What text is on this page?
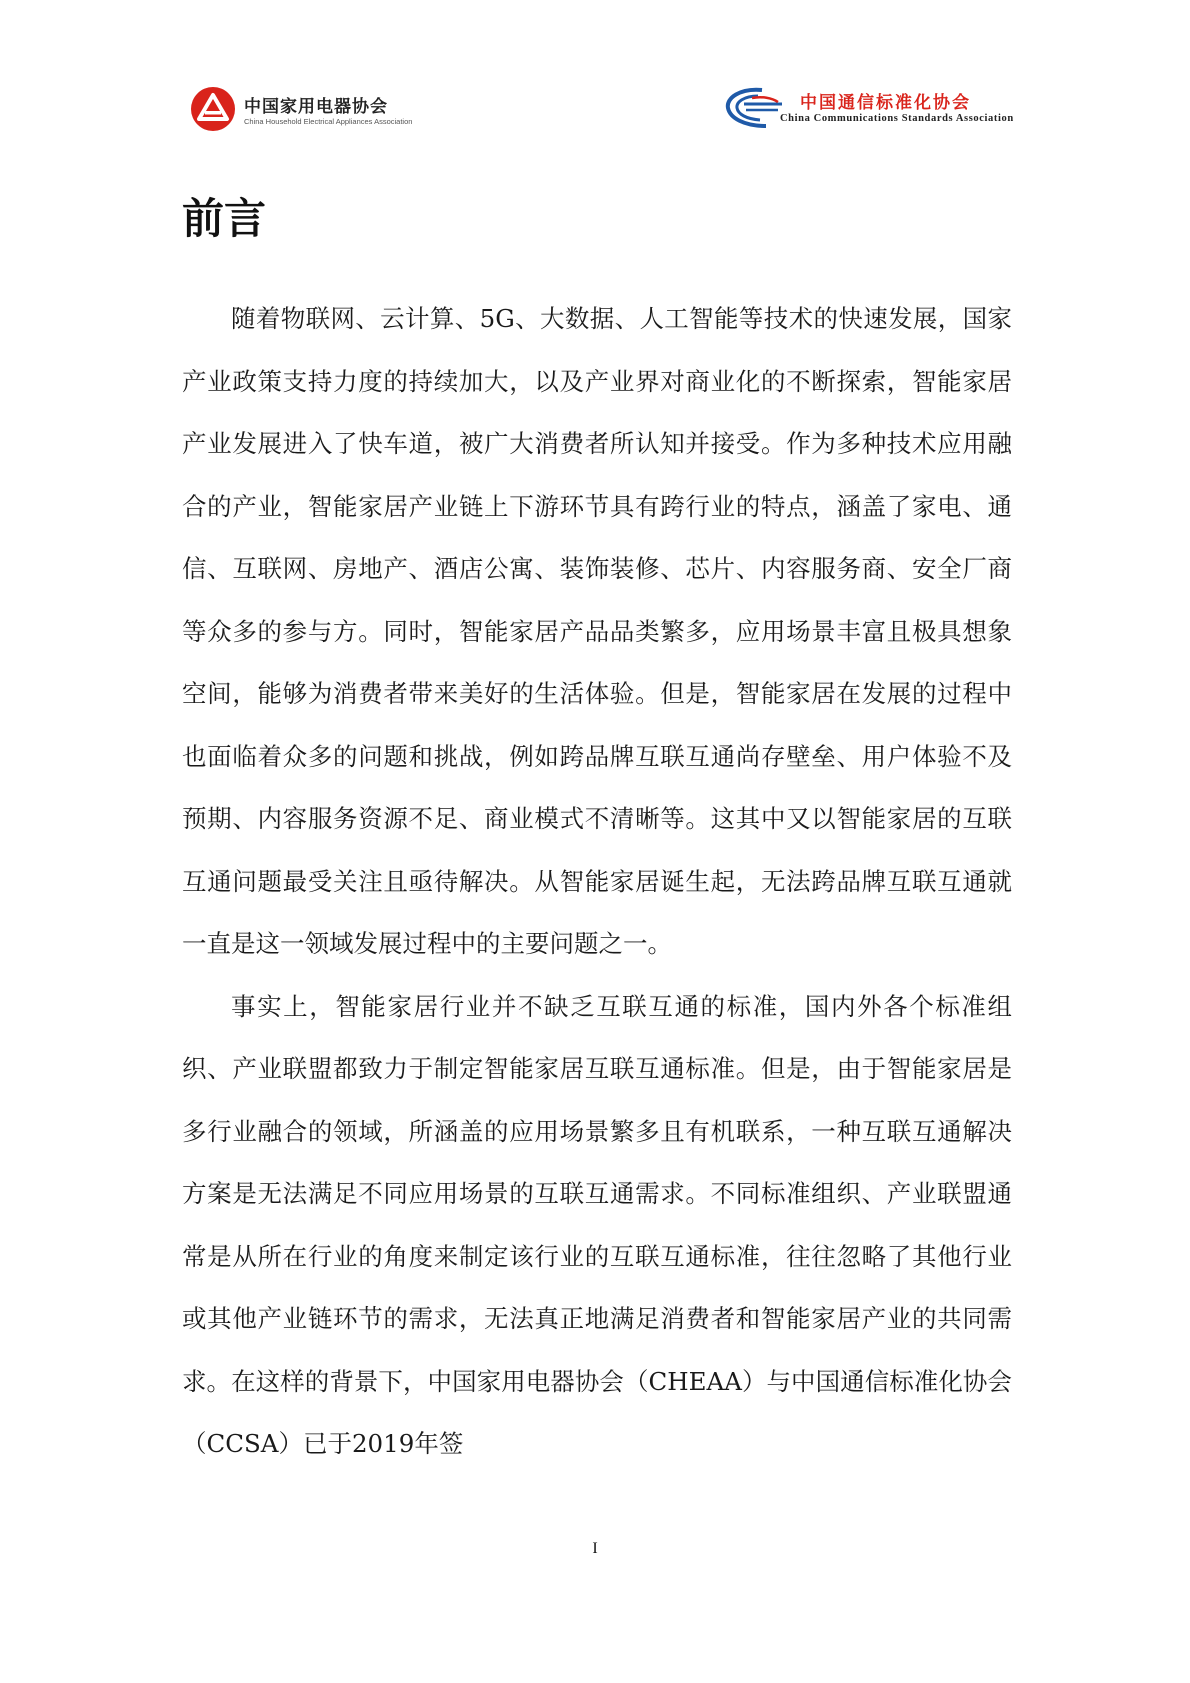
中国家用电器协会
China Household Electrical Appliances Association
中国通信标准化协会
China Communications Standards Association
前言

随着物联网、云计算、5G、大数据、人工智能等技术的快速发展，国家产业政策支持力度的持续加大，以及产业界对商业化的不断探索，智能家居产业发展进入了快车道，被广大消费者所认知并接受。作为多种技术应用融合的产业，智能家居产业链上下游环节具有跨行业的特点，涵盖了家电、通信、互联网、房地产、酒店公寓、装饰装修、芯片、内容服务商、安全厂商等众多的参与方。同时，智能家居产品品类繁多，应用场景丰富且极具想象空间，能够为消费者带来美好的生活体验。但是，智能家居在发展的过程中也面临着众多的问题和挑战，例如跨品牌互联互通尚存壁垒、用户体验不及预期、内容服务资源不足、商业模式不清晰等。这其中又以智能家居的互联互通问题最受关注且亟待解决。从智能家居诞生起，无法跨品牌互联互通就一直是这一领域发展过程中的主要问题之一。

事实上，智能家居行业并不缺乏互联互通的标准，国内外各个标准组织、产业联盟都致力于制定智能家居互联互通标准。但是，由于智能家居是多行业融合的领域，所涵盖的应用场景繁多且有机联系，一种互联互通解决方案是无法满足不同应用场景的互联互通需求。不同标准组织、产业联盟通常是从所在行业的角度来制定该行业的互联互通标准，往往忽略了其他行业或其他产业链环节的需求，无法真正地满足消费者和智能家居产业的共同需求。在这样的背景下，中国家用电器协会（CHEAA）与中国通信标准化协会（CCSA）已于2019年签

I
